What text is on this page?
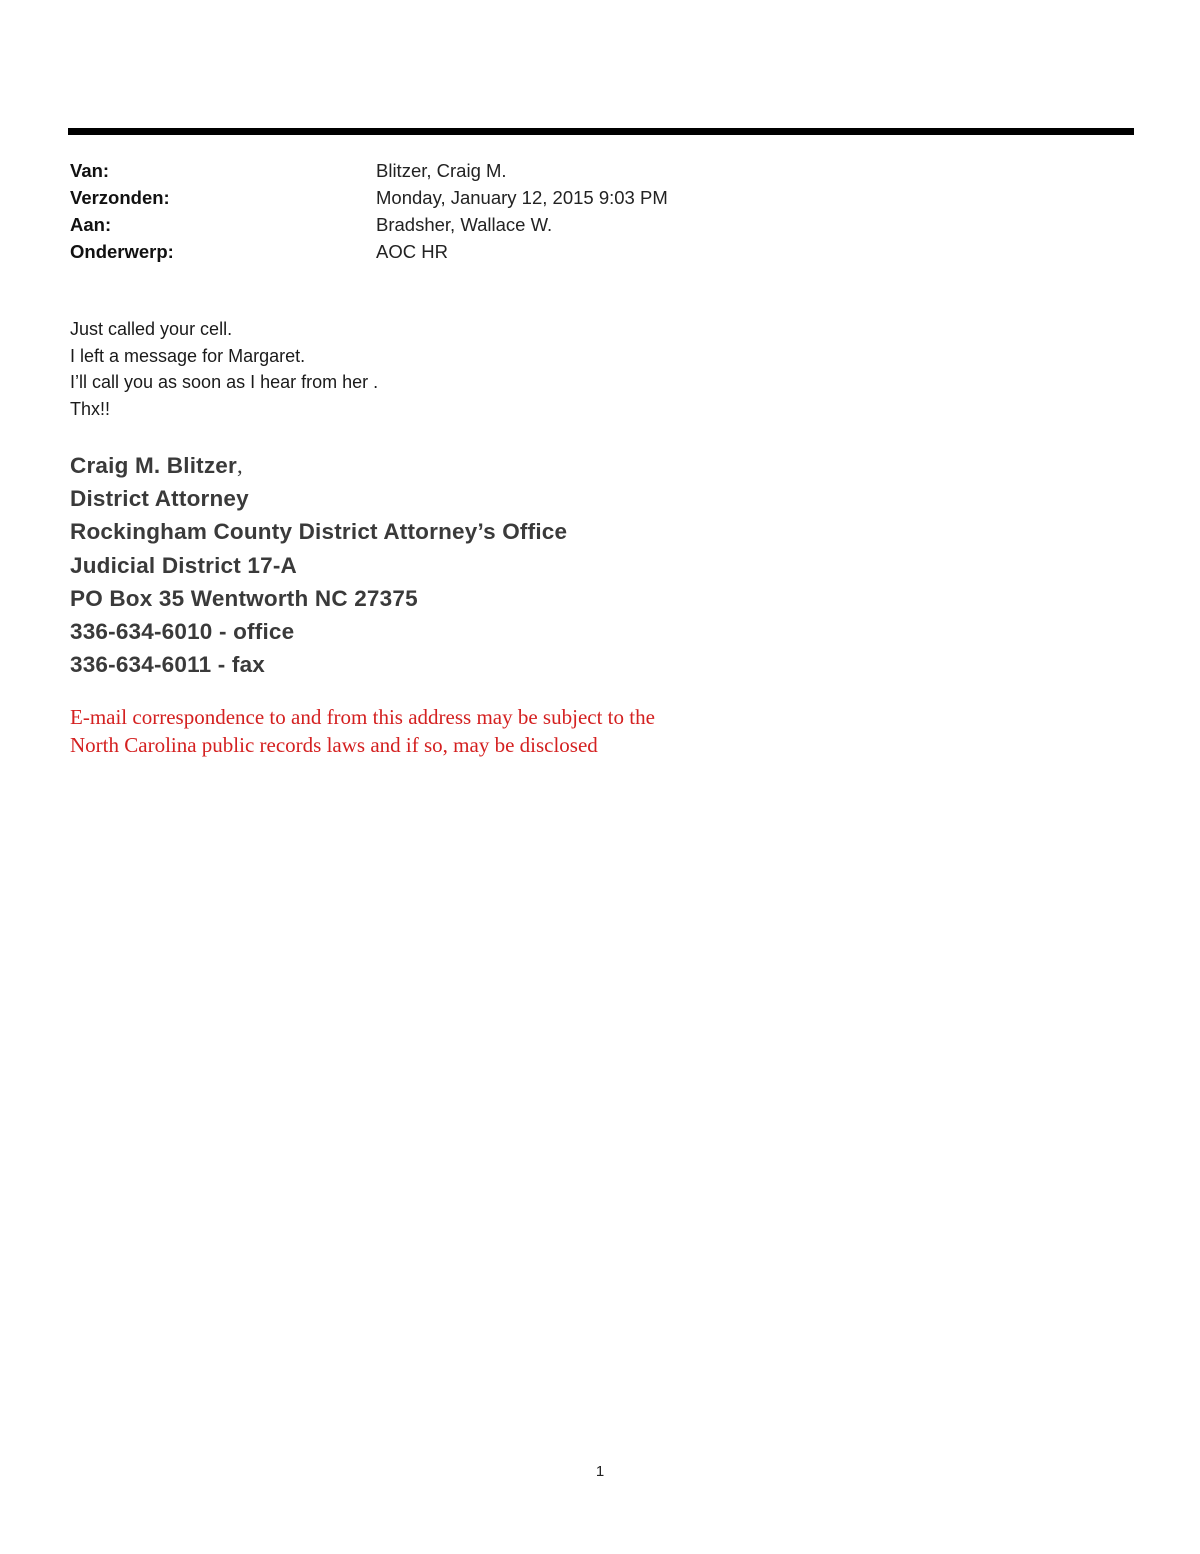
Van:	Blitzer, Craig M.
Verzonden:	Monday, January 12, 2015 9:03 PM
Aan:	Bradsher, Wallace W.
Onderwerp:	AOC HR
Just called your cell.
I left a message for Margaret.
I’ll call you as soon as I hear from her .
Thx!!
Craig M. Blitzer,
District Attorney
Rockingham County District Attorney’s Office
Judicial District 17-A
PO Box 35 Wentworth NC 27375
336-634-6010 - office
336-634-6011 - fax
E-mail correspondence to and from this address may be subject to the
North Carolina public records laws and if so, may be disclosed
1
